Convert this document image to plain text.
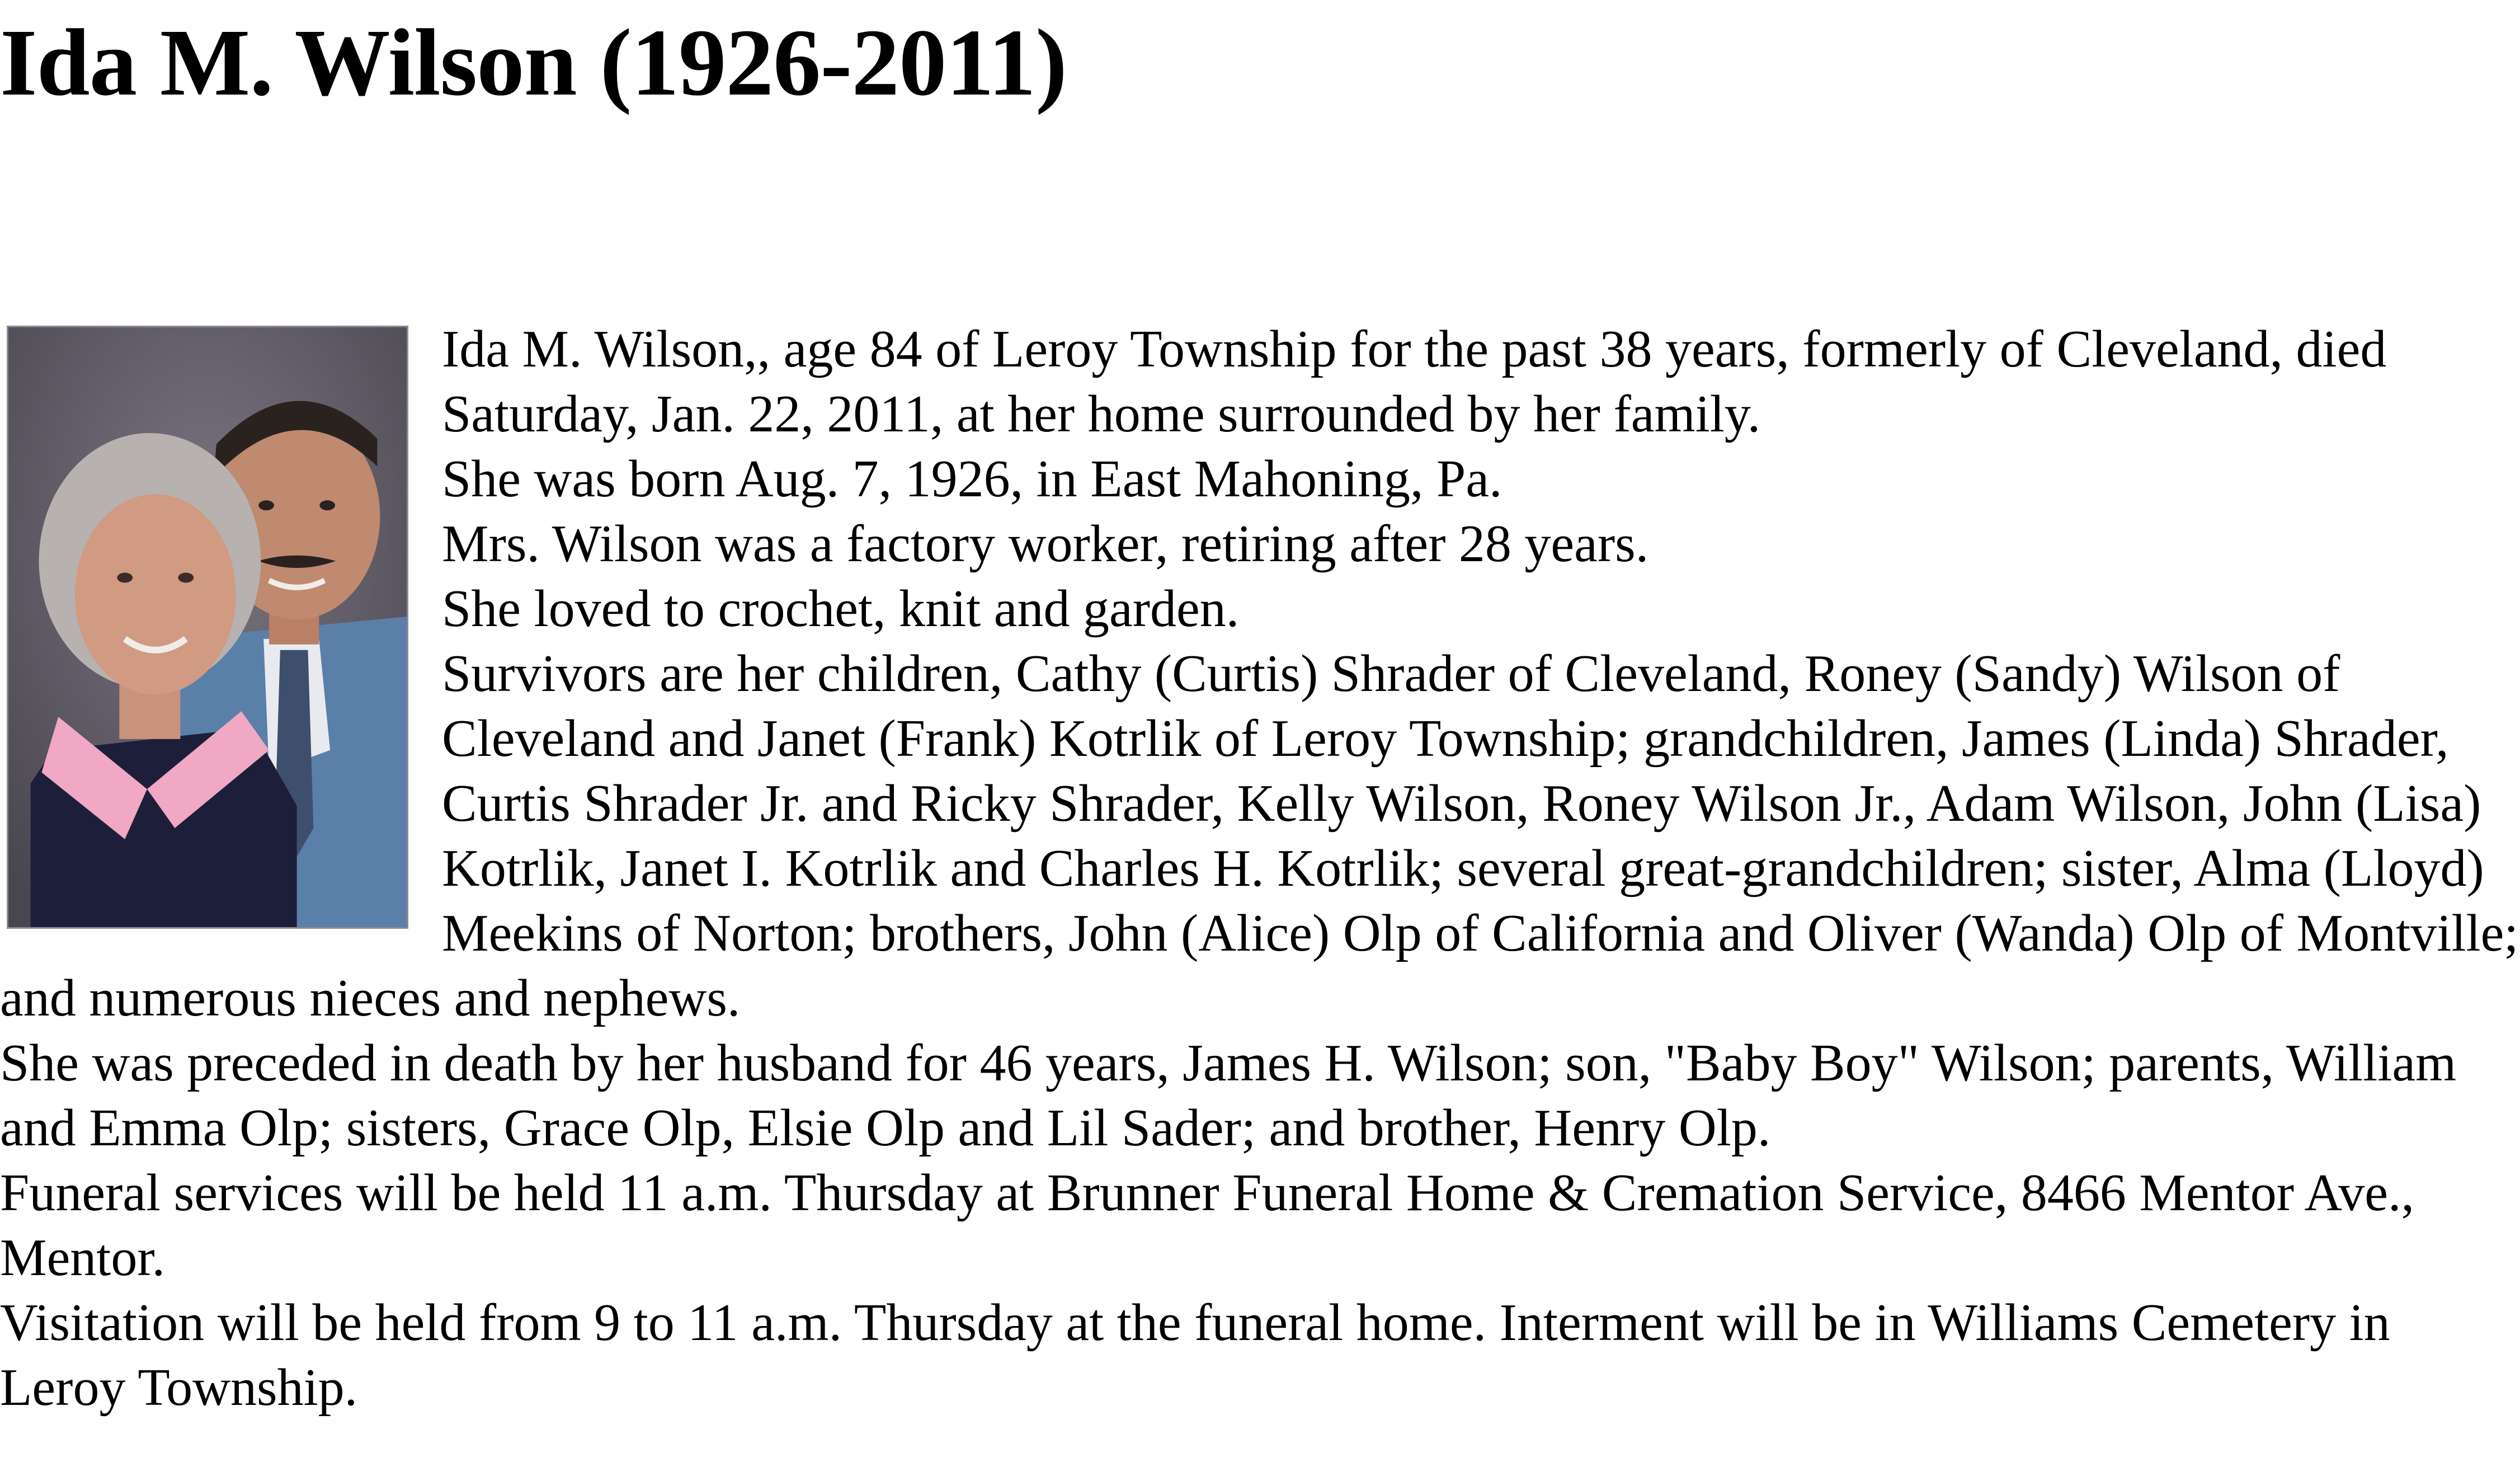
Ida M. Wilson (1926-2011)

Ida M. Wilson,, age 84 of Leroy Township for the past 38 years, formerly of Cleveland, died Saturday, Jan. 22, 2011, at her home surrounded by her family.

She was born Aug. 7, 1926, in East Mahoning, Pa.

Mrs. Wilson was a factory worker, retiring after 28 years.

She loved to crochet, knit and garden.

Survivors are her children, Cathy (Curtis) Shrader of Cleveland, Roney (Sandy) Wilson of Cleveland and Janet (Frank) Kotrlik of Leroy Township; grandchildren, James (Linda) Shrader, Curtis Shrader Jr. and Ricky Shrader, Kelly Wilson, Roney Wilson Jr., Adam Wilson, John (Lisa) Kotrlik, Janet I. Kotrlik and Charles H. Kotrlik; several great-grandchildren; sister, Alma (Lloyd) Meekins of Norton; brothers, John (Alice) Olp of California and Oliver (Wanda) Olp of Montville; and numerous nieces and nephews.

She was preceded in death by her husband for 46 years, James H. Wilson; son, "Baby Boy" Wilson; parents, William and Emma Olp; sisters, Grace Olp, Elsie Olp and Lil Sader; and brother, Henry Olp.

Funeral services will be held 11 a.m. Thursday at Brunner Funeral Home & Cremation Service, 8466 Mentor Ave., Mentor.

Visitation will be held from 9 to 11 a.m. Thursday at the funeral home. Interment will be in Williams Cemetery in Leroy Township.
